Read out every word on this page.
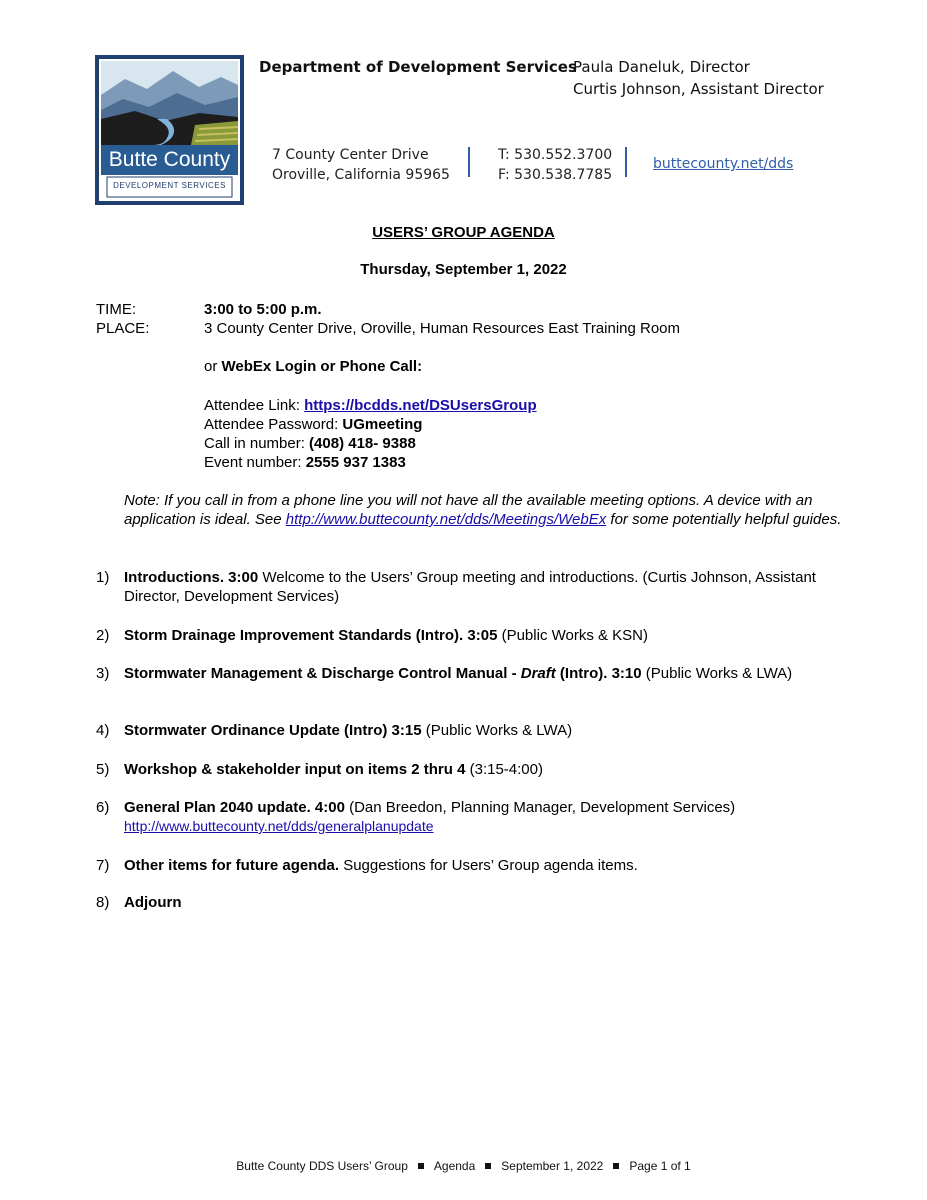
Butte County
DEVELOPMENT SERVICES
Department of Development Services
Paula Daneluk, Director
Curtis Johnson, Assistant Director
7 County Center Drive
Oroville, California 95965
T: 530.552.3700
F: 530.538.7785
buttecounty.net/dds
USERS’ GROUP AGENDA
Thursday, September 1, 2022
TIME:	3:00 to 5:00 p.m.
PLACE:	3 County Center Drive, Oroville, Human Resources East Training Room
or WebEx Login or Phone Call:
Attendee Link: https://bcdds.net/DSUsersGroup
Attendee Password: UGmeeting
Call in number: (408) 418- 9388
Event number: 2555 937 1383
Note: If you call in from a phone line you will not have all the available meeting options. A device with an application is ideal. See http://www.buttecounty.net/dds/Meetings/WebEx for some potentially helpful guides.
1) Introductions. 3:00 Welcome to the Users’ Group meeting and introductions. (Curtis Johnson, Assistant Director, Development Services)
2) Storm Drainage Improvement Standards (Intro). 3:05 (Public Works & KSN)
3) Stormwater Management & Discharge Control Manual - Draft (Intro). 3:10 (Public Works & LWA)
4) Stormwater Ordinance Update (Intro) 3:15 (Public Works & LWA)
5) Workshop & stakeholder input on items 2 thru 4 (3:15-4:00)
6) General Plan 2040 update. 4:00 (Dan Breedon, Planning Manager, Development Services)
http://www.buttecounty.net/dds/generalplanupdate
7) Other items for future agenda. Suggestions for Users’ Group agenda items.
8) Adjourn
Butte County DDS Users’ Group Agenda September 1, 2022 Page 1 of 1
